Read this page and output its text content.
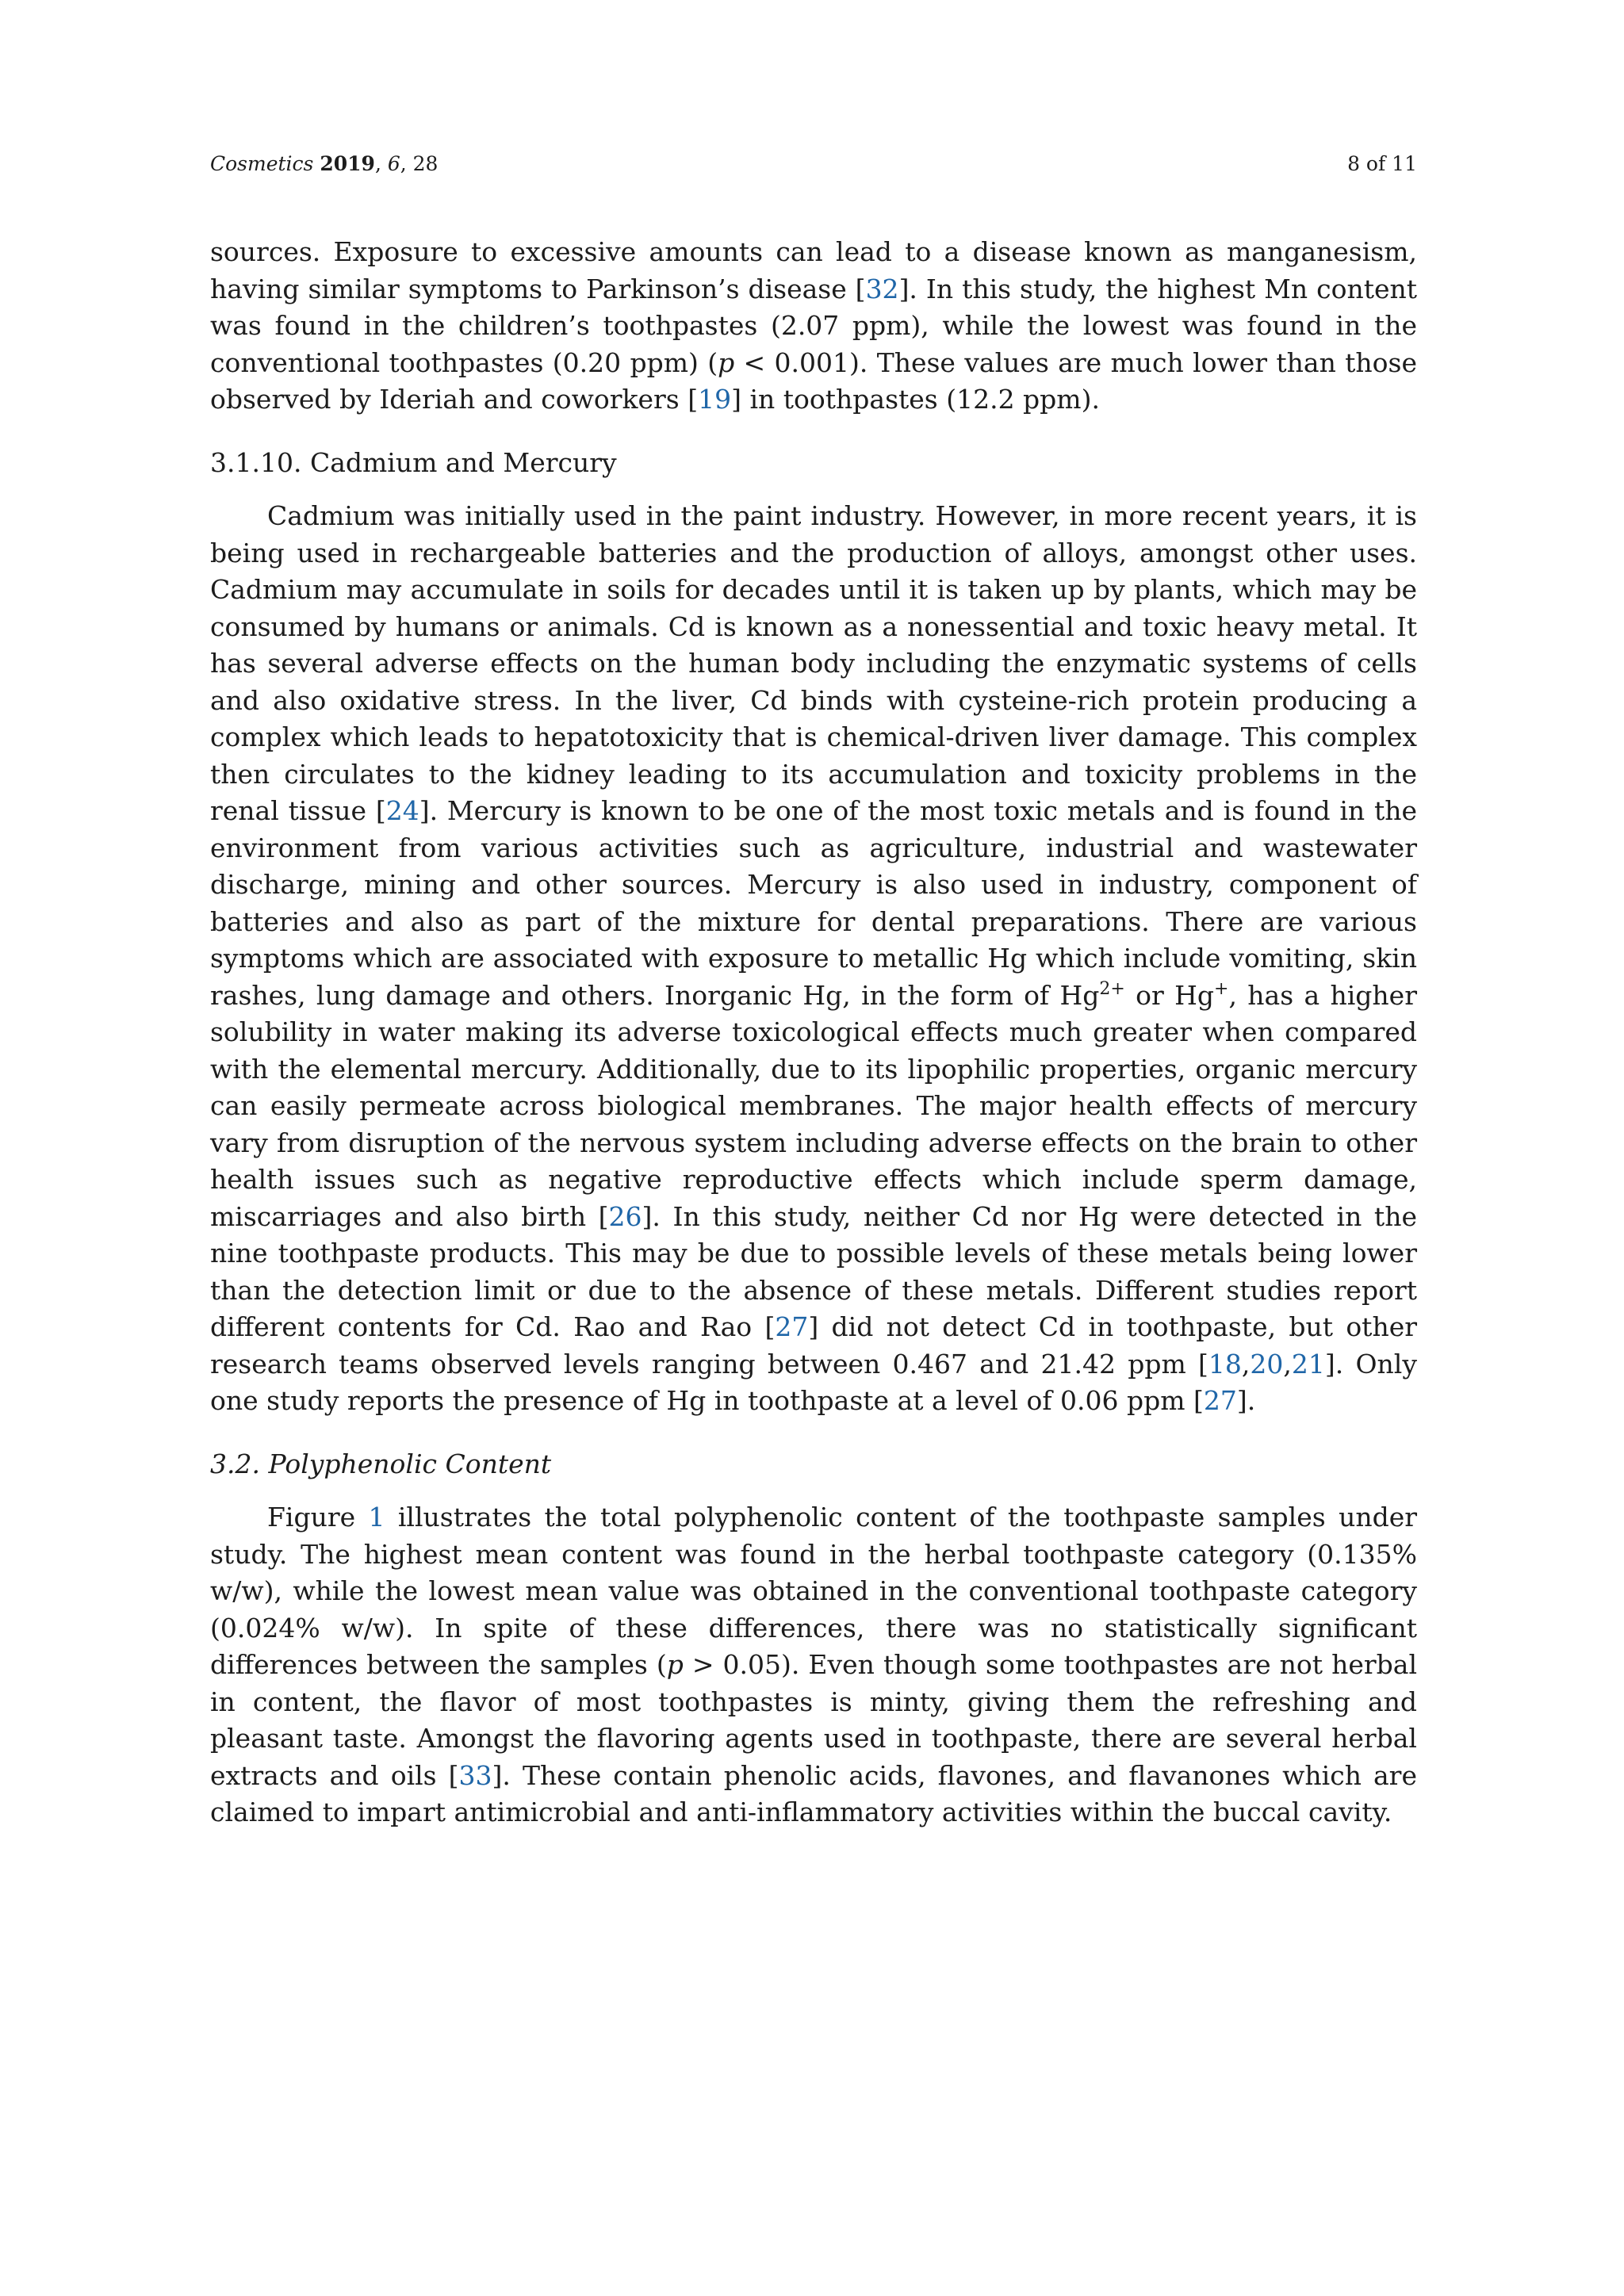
Cosmetics 2019, 6, 28	8 of 11

sources. Exposure to excessive amounts can lead to a disease known as manganesism, having similar symptoms to Parkinson’s disease [32]. In this study, the highest Mn content was found in the children’s toothpastes (2.07 ppm), while the lowest was found in the conventional toothpastes (0.20 ppm) (p < 0.001). These values are much lower than those observed by Ideriah and coworkers [19] in toothpastes (12.2 ppm).

3.1.10. Cadmium and Mercury

Cadmium was initially used in the paint industry. However, in more recent years, it is being used in rechargeable batteries and the production of alloys, amongst other uses. Cadmium may accumulate in soils for decades until it is taken up by plants, which may be consumed by humans or animals. Cd is known as a nonessential and toxic heavy metal. It has several adverse effects on the human body including the enzymatic systems of cells and also oxidative stress. In the liver, Cd binds with cysteine-rich protein producing a complex which leads to hepatotoxicity that is chemical-driven liver damage. This complex then circulates to the kidney leading to its accumulation and toxicity problems in the renal tissue [24]. Mercury is known to be one of the most toxic metals and is found in the environment from various activities such as agriculture, industrial and wastewater discharge, mining and other sources. Mercury is also used in industry, component of batteries and also as part of the mixture for dental preparations. There are various symptoms which are associated with exposure to metallic Hg which include vomiting, skin rashes, lung damage and others. Inorganic Hg, in the form of $Hg^{2+}$ or Hg+, has a higher solubility in water making its adverse toxicological effects much greater when compared with the elemental mercury. Additionally, due to its lipophilic properties, organic mercury can easily permeate across biological membranes. The major health effects of mercury vary from disruption of the nervous system including adverse effects on the brain to other health issues such as negative reproductive effects which include sperm damage, miscarriages and also birth [26]. In this study, neither Cd nor Hg were detected in the nine toothpaste products. This may be due to possible levels of these metals being lower than the detection limit or due to the absence of these metals. Different studies report different contents for Cd. Rao and Rao [27] did not detect Cd in toothpaste, but other research teams observed levels ranging between 0.467 and 21.42 ppm [18,20,21]. Only one study reports the presence of Hg in toothpaste at a level of 0.06 ppm [27].

3.2. Polyphenolic Content

Figure 1 illustrates the total polyphenolic content of the toothpaste samples under study. The highest mean content was found in the herbal toothpaste category (0.135% w/w), while the lowest mean value was obtained in the conventional toothpaste category (0.024% w/w). In spite of these differences, there was no statistically significant differences between the samples (p > 0.05). Even though some toothpastes are not herbal in content, the flavor of most toothpastes is minty, giving them the refreshing and pleasant taste. Amongst the flavoring agents used in toothpaste, there are several herbal extracts and oils [33]. These contain phenolic acids, flavones, and flavanones which are claimed to impart antimicrobial and anti-inflammatory activities within the buccal cavity.
